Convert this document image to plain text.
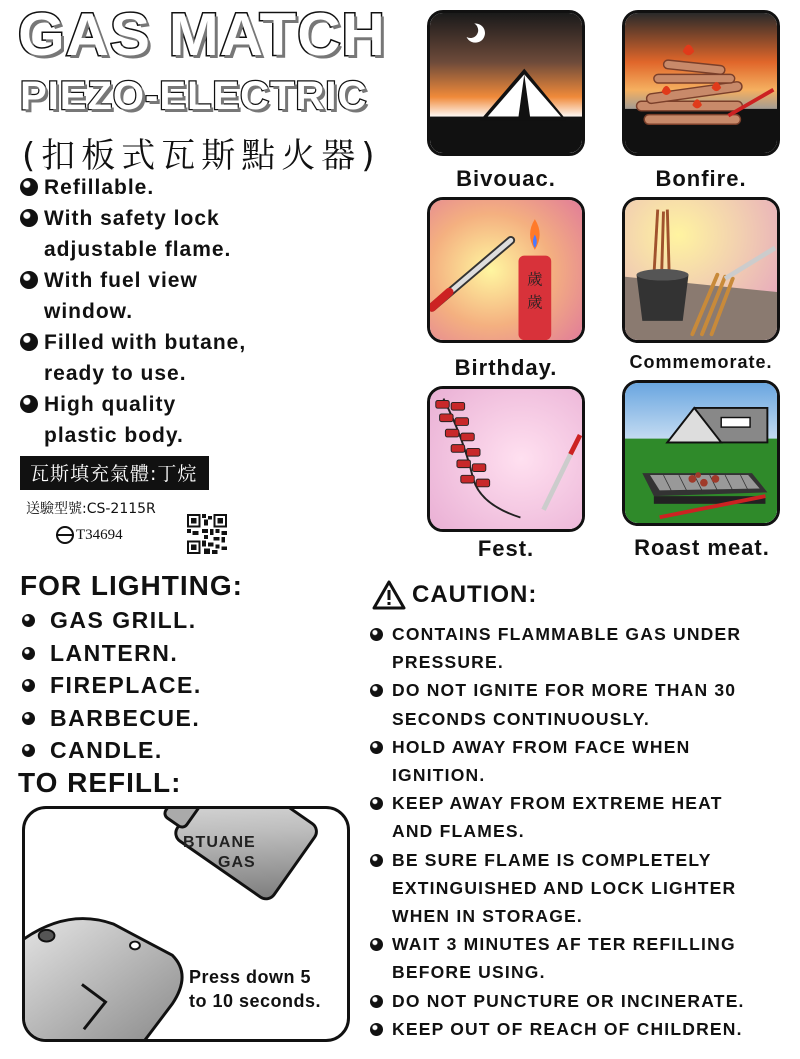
GAS MATCH
PIEZO-ELECTRIC
(扣板式瓦斯點火器)
Refillable.
With safety lock adjustable flame.
With fuel view window.
Filled with butane, ready to use.
High quality plastic body.
瓦斯填充氣體:丁烷
送驗型號:CS-2115R
T34694
Bivouac.	Bonfire.
歲
歲
Birthday.	Commemorate.
Fest.	Roast meat.
FOR LIGHTING:
GAS GRILL.
LANTERN.
FIREPLACE.
BARBECUE.
CANDLE.
TO REFILL:
BTUANE
GAS
Press down 5
to 10 seconds.
CAUTION:
CONTAINS FLAMMABLE GAS UNDER PRESSURE.
DO NOT IGNITE FOR MORE THAN 30 SECONDS CONTINUOUSLY.
HOLD AWAY FROM FACE WHEN IGNITION.
KEEP AWAY FROM EXTREME HEAT AND FLAMES.
BE SURE FLAME IS COMPLETELY EXTINGUISHED AND LOCK LIGHTER WHEN IN STORAGE.
WAIT 3 MINUTES AF TER REFILLING BEFORE USING.
DO NOT PUNCTURE OR INCINERATE.
KEEP OUT OF REACH OF CHILDREN.
